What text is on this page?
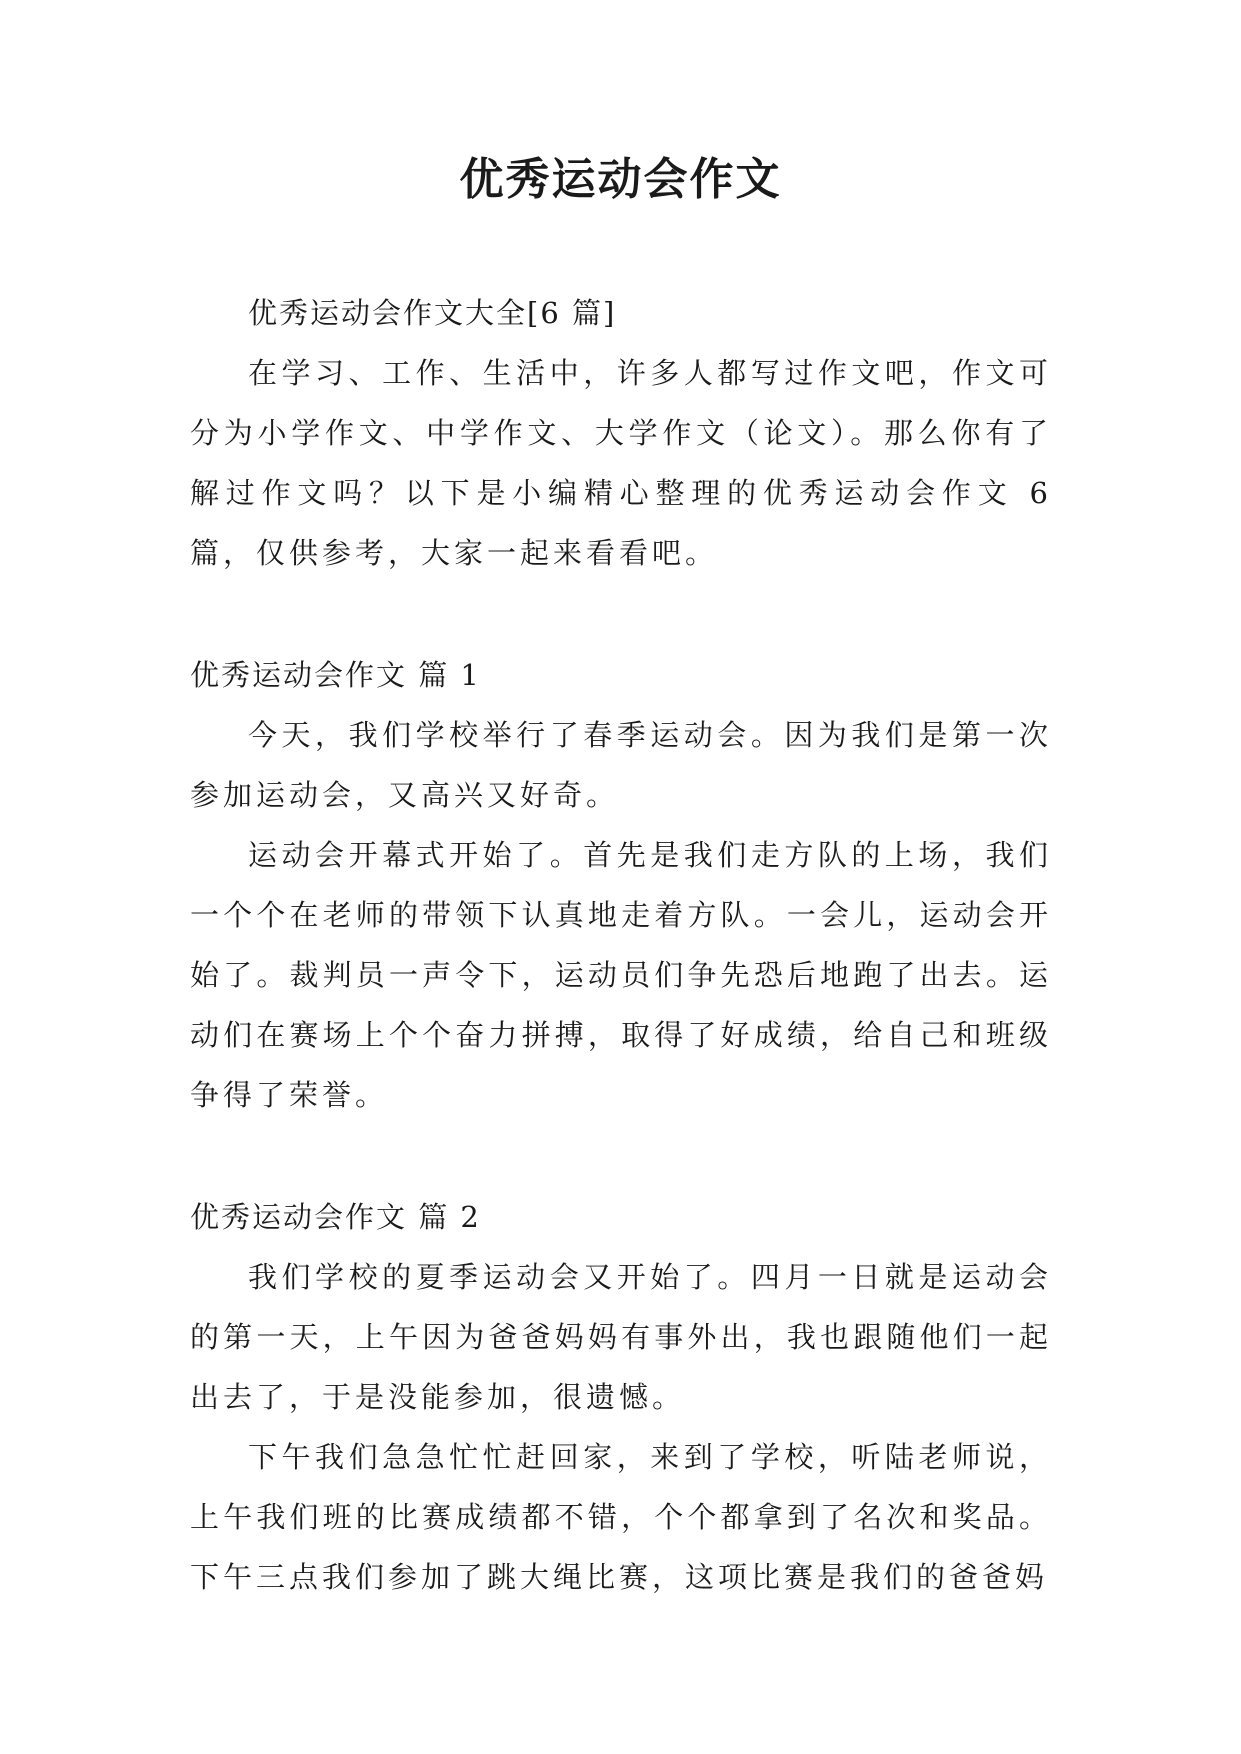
优秀运动会作文

优秀运动会作文大全[6 篇]

在学习、工作、生活中，许多人都写过作文吧，作文可分为小学作文、中学作文、大学作文（论文）。那么你有了解过作文吗？以下是小编精心整理的优秀运动会作文 6 篇，仅供参考，大家一起来看看吧。

优秀运动会作文 篇 1

今天，我们学校举行了春季运动会。因为我们是第一次参加运动会，又高兴又好奇。

运动会开幕式开始了。首先是我们走方队的上场，我们一个个在老师的带领下认真地走着方队。一会儿，运动会开始了。裁判员一声令下，运动员们争先恐后地跑了出去。运动们在赛场上个个奋力拼搏，取得了好成绩，给自己和班级争得了荣誉。

优秀运动会作文 篇 2

我们学校的夏季运动会又开始了。四月一日就是运动会的第一天，上午因为爸爸妈妈有事外出，我也跟随他们一起出去了，于是没能参加，很遗憾。

下午我们急急忙忙赶回家，来到了学校，听陆老师说，上午我们班的比赛成绩都不错，个个都拿到了名次和奖品。下午三点我们参加了跳大绳比赛，这项比赛是我们的爸爸妈
